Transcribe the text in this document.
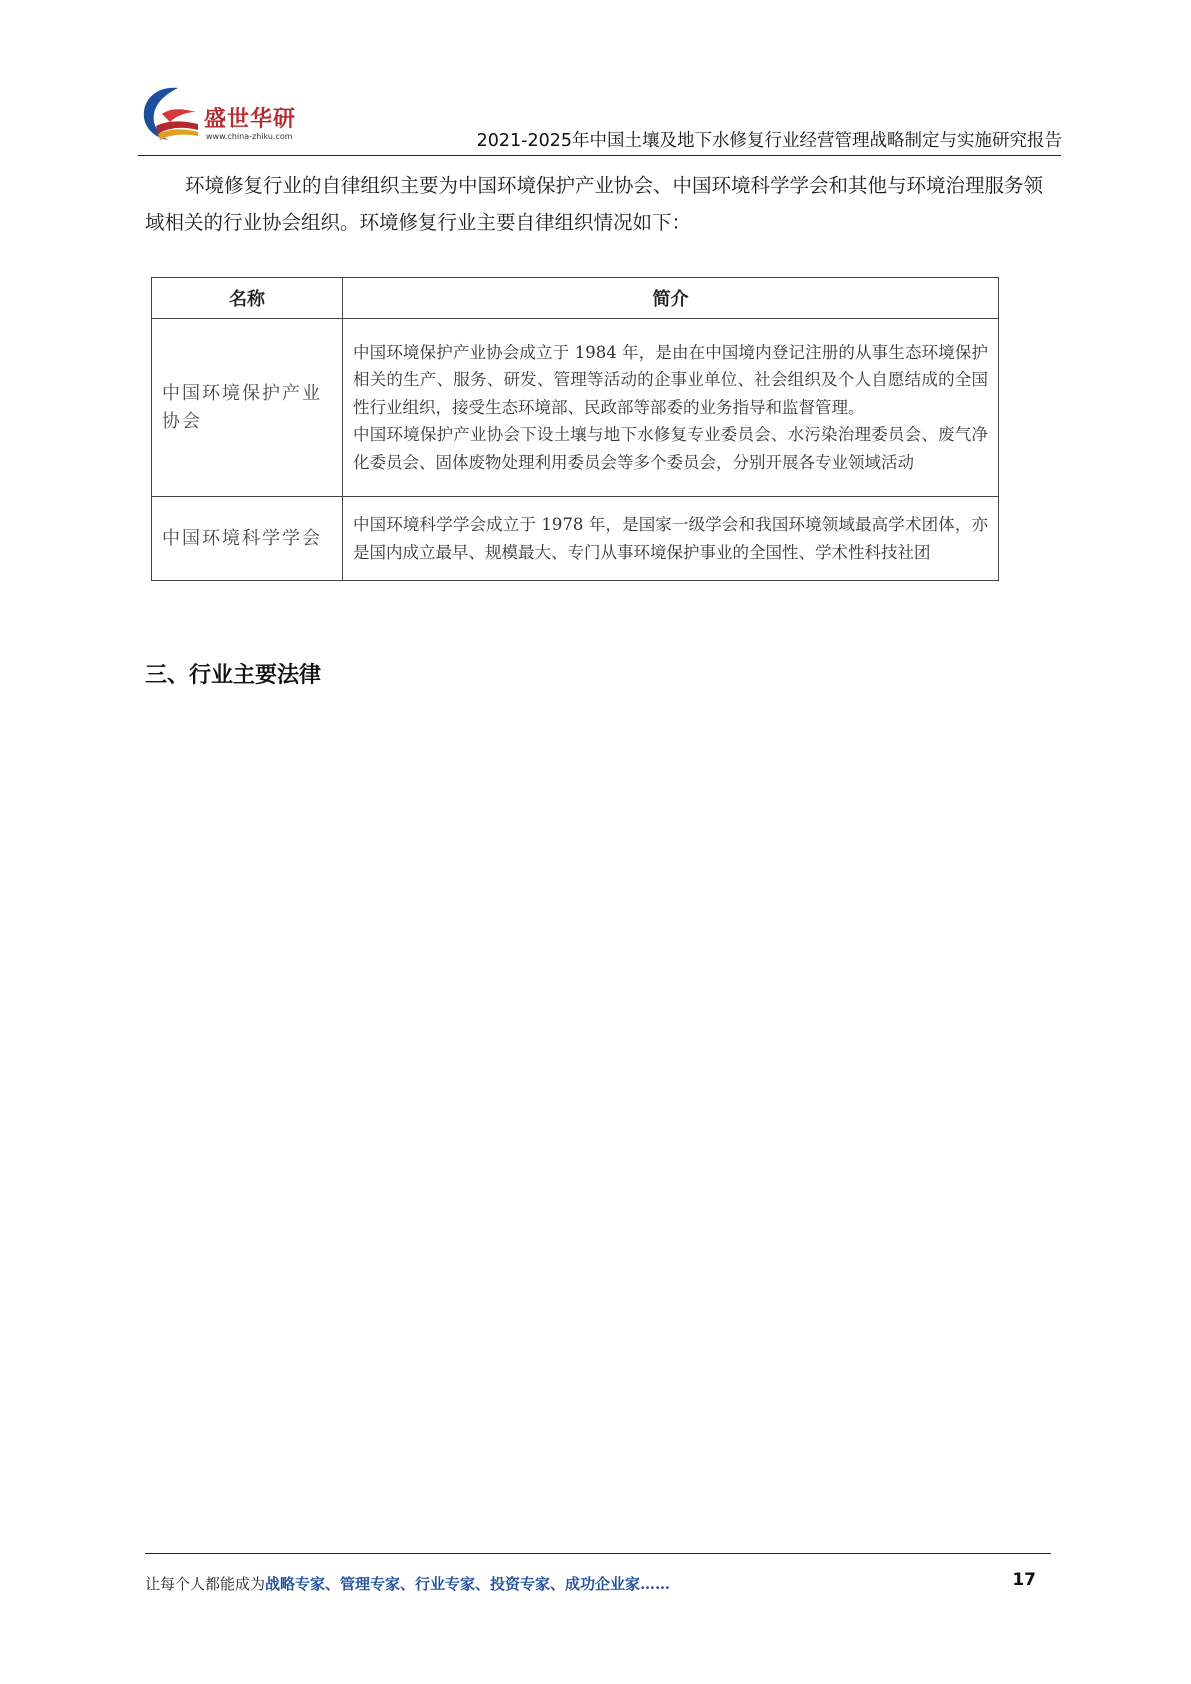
盛世华研
www.china-zhiku.com	2021-2025年中国土壤及地下水修复行业经营管理战略制定与实施研究报告

环境修复行业的自律组织主要为中国环境保护产业协会、中国环境科学学会和其他与环境治理服务领域相关的行业协会组织。环境修复行业主要自律组织情况如下：

名称	简介
中国环境保护产业协会	中国环境保护产业协会成立于 1984 年，是由在中国境内登记注册的从事生态环境保护相关的生产、服务、研发、管理等活动的企事业单位、社会组织及个人自愿结成的全国性行业组织，接受生态环境部、民政部等部委的业务指导和监督管理。

中国环境保护产业协会下设土壤与地下水修复专业委员会、水污染治理委员会、废气净化委员会、固体废物处理利用委员会等多个委员会，分别开展各专业领域活动

中国环境科学学会	中国环境科学学会成立于 1978 年，是国家一级学会和我国环境领域最高学术团体，亦是国内成立最早、规模最大、专门从事环境保护事业的全国性、学术性科技社团

三、行业主要法律
让每个人都能成为战略专家、管理专家、行业专家、投资专家、成功企业家……	17
